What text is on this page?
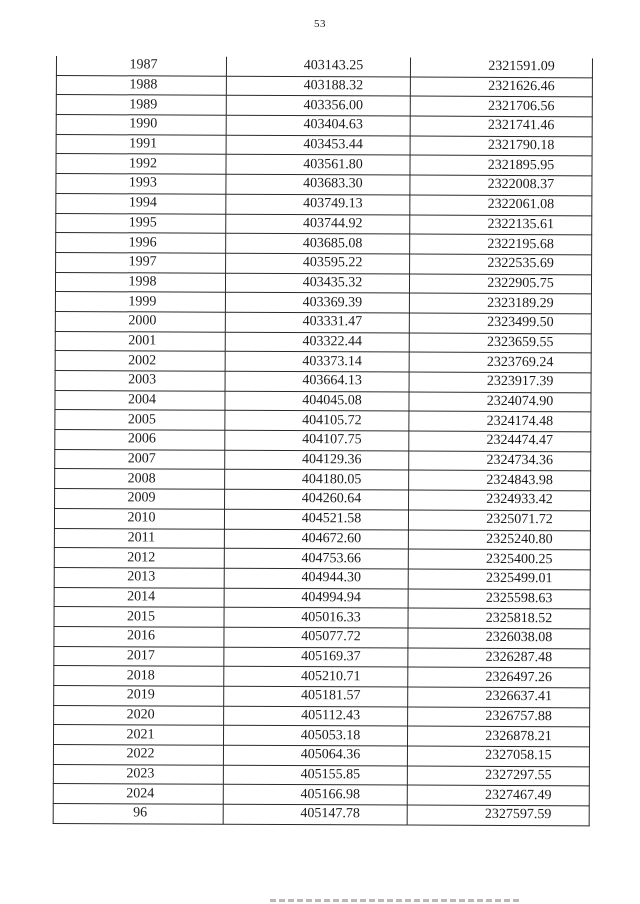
53
1987	403143.25	2321591.09
1988	403188.32	2321626.46
1989	403356.00	2321706.56
1990	403404.63	2321741.46
1991	403453.44	2321790.18
1992	403561.80	2321895.95
1993	403683.30	2322008.37
1994	403749.13	2322061.08
1995	403744.92	2322135.61
1996	403685.08	2322195.68
1997	403595.22	2322535.69
1998	403435.32	2322905.75
1999	403369.39	2323189.29
2000	403331.47	2323499.50
2001	403322.44	2323659.55
2002	403373.14	2323769.24
2003	403664.13	2323917.39
2004	404045.08	2324074.90
2005	404105.72	2324174.48
2006	404107.75	2324474.47
2007	404129.36	2324734.36
2008	404180.05	2324843.98
2009	404260.64	2324933.42
2010	404521.58	2325071.72
2011	404672.60	2325240.80
2012	404753.66	2325400.25
2013	404944.30	2325499.01
2014	404994.94	2325598.63
2015	405016.33	2325818.52
2016	405077.72	2326038.08
2017	405169.37	2326287.48
2018	405210.71	2326497.26
2019	405181.57	2326637.41
2020	405112.43	2326757.88
2021	405053.18	2326878.21
2022	405064.36	2327058.15
2023	405155.85	2327297.55
2024	405166.98	2327467.49
96	405147.78	2327597.59
